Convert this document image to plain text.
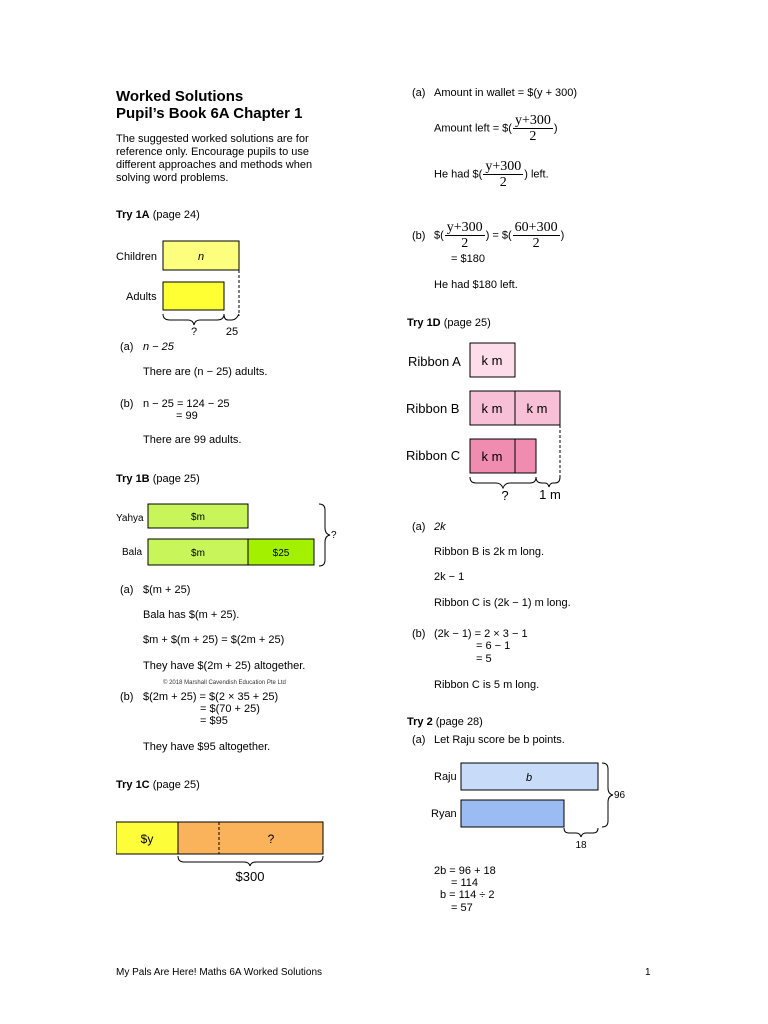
Worked Solutions
Pupil’s Book 6A Chapter 1
The suggested worked solutions are for reference only. Encourage pupils to use different approaches and methods when solving word problems.
Try 1A (page 24)
Children	n
Adults
?	25
(a) n − 25
There are (n − 25) adults.
(b) n − 25 = 124 − 25
= 99
There are 99 adults.
Try 1B (page 25)
Yahya	$m
Bala	$m	$25
?
(a) $(m + 25)
Bala has $(m + 25).
$m + $(m + 25) = $(2m + 25)
They have $(2m + 25) altogether.
© 2018 Marshall Cavendish Education Pte Ltd
(b) $(2m + 25) = $(2 × 35 + 25)
= $(70 + 25)
= $95
They have $95 altogether.
Try 1C (page 25)
$y	?
$300
(a) Amount in wallet = $(y + 300)
Amount left = $( $\frac{y+300}{2}$ )
He had $( $\frac{y+300}{2}$ ) left.
(b) $( $\frac{y+300}{2}$ ) = $( $\frac{60+300}{2}$ )
= $180
He had $180 left.
Try 1D (page 25)
Ribbon A k m
Ribbon B k m k m
Ribbon C k m
? 1 m
(a) 2k
Ribbon B is 2k m long.
2k − 1
Ribbon C is (2k − 1) m long.
(b) (2k − 1) = 2 × 3 − 1
= 6 − 1
= 5
Ribbon C is 5 m long.
Try 2 (page 28)
(a) Let Raju score be b points.
Raju	b
Ryan
96
18
2b = 96 + 18
= 114
b = 114 ÷ 2
= 57
My Pals Are Here! Maths 6A Worked Solutions	1
